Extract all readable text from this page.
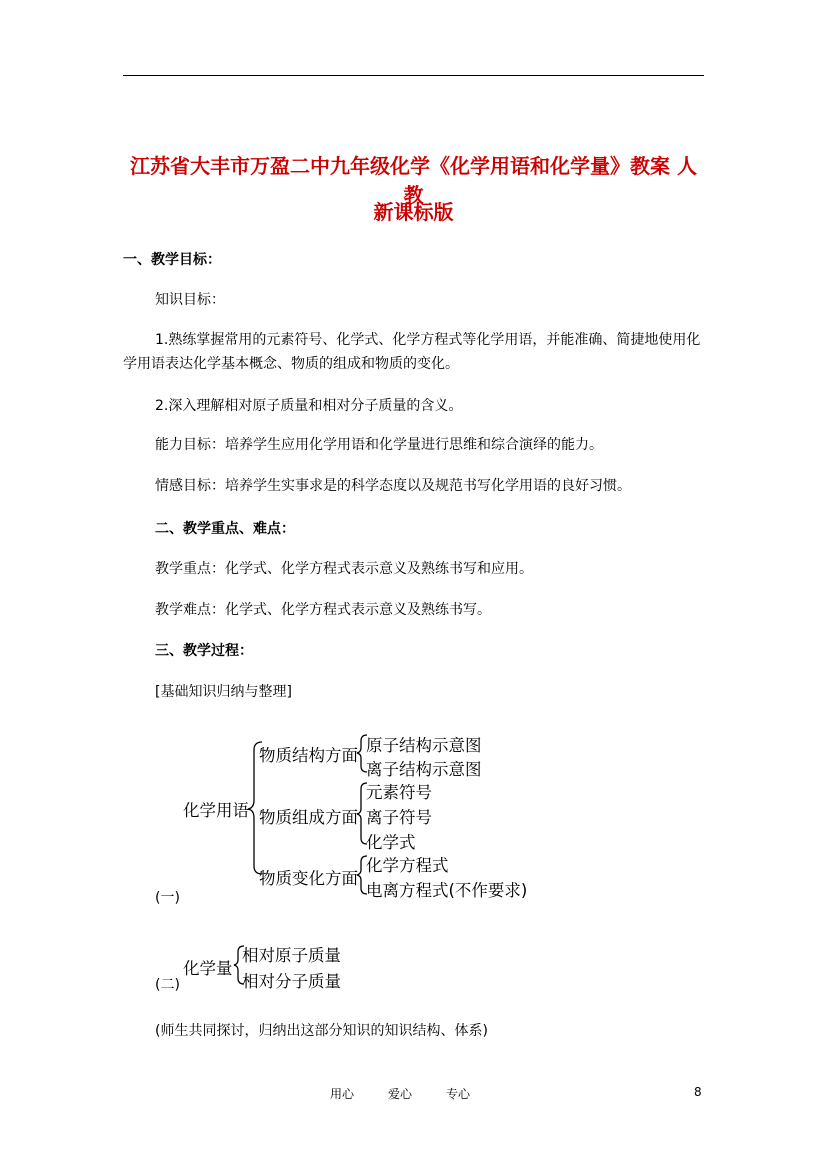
江苏省大丰市万盈二中九年级化学《化学用语和化学量》教案 人教
新课标版
一、教学目标：
知识目标：
1.熟练掌握常用的元素符号、化学式、化学方程式等化学用语，并能准确、简捷地使用化学用语表达化学基本概念、物质的组成和物质的变化。
2.深入理解相对原子质量和相对分子质量的含义。
能力目标：培养学生应用化学用语和化学量进行思维和综合演绎的能力。
情感目标：培养学生实事求是的科学态度以及规范书写化学用语的良好习惯。
二、教学重点、难点：
教学重点：化学式、化学方程式表示意义及熟练书写和应用。
教学难点：化学式、化学方程式表示意义及熟练书写。
三、教学过程：
[基础知识归纳与整理]
化学用语
物质结构方面
物质组成方面
物质变化方面
原子结构示意图
离子结构示意图
元素符号
离子符号
化学式
化学方程式
电离方程式(不作要求)
(一)
化学量
相对原子质量
相对分子质量
(二)
(师生共同探讨，归纳出这部分知识的知识结构、体系)
用心	爱心	专心	8
